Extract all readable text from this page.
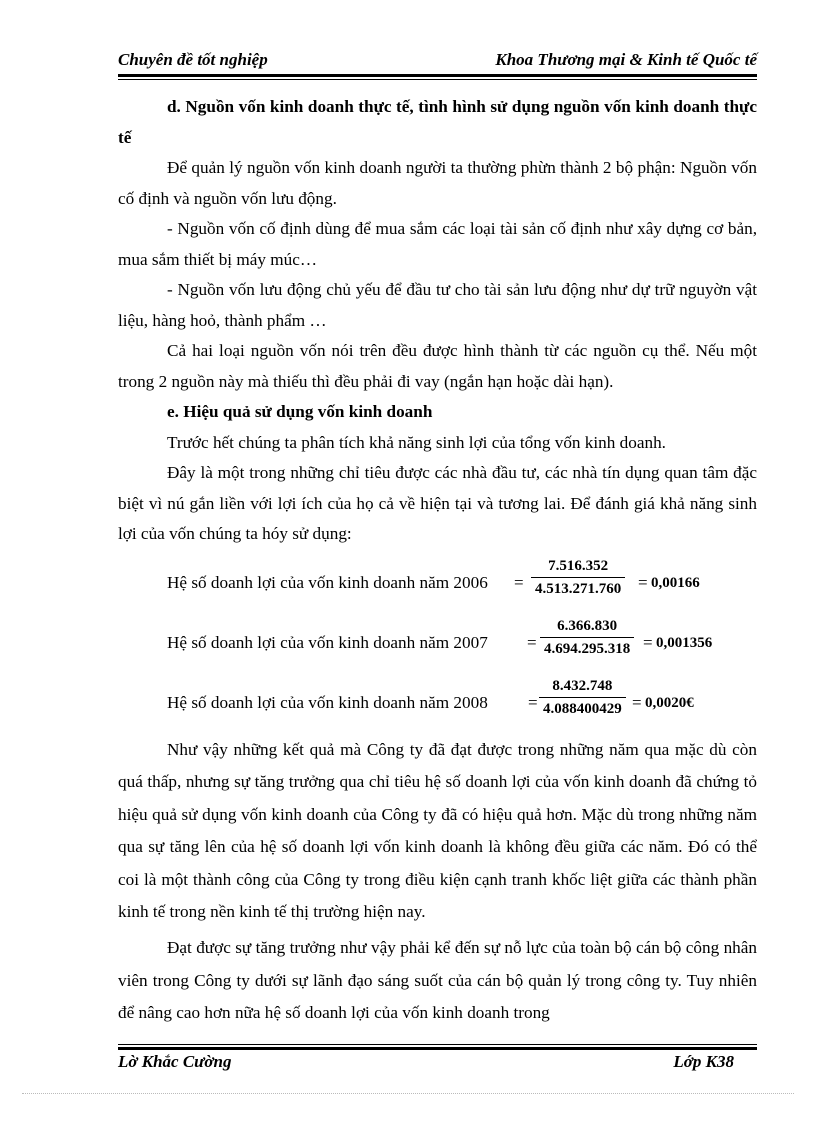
Chuyên đề tốt nghiệp	Khoa Thương mại & Kinh tế Quốc tế

d. Nguồn vốn kinh doanh thực tế, tình hình sử dụng nguồn vốn kinh doanh thực tế

Để quản lý nguồn vốn kinh doanh người ta thường phừn thành 2 bộ phận: Nguồn vốn cố định và nguồn vốn lưu động.

- Nguồn vốn cố định dùng để mua sắm các loại tài sản cố định như xây dựng cơ bản, mua sắm thiết bị máy múc…

- Nguồn vốn lưu động chủ yếu để đầu tư cho tài sản lưu động như dự trữ nguyờn vật liệu, hàng hoỏ, thành phẩm …

Cả hai loại nguồn vốn nói trên đều được hình thành từ các nguồn cụ thể. Nếu một trong 2 nguồn này mà thiếu thì đều phải đi vay (ngắn hạn hoặc dài hạn).

e. Hiệu quả sử dụng vốn kinh doanh

Trước hết chúng ta phân tích khả năng sinh lợi của tổng vốn kinh doanh.

Đây là một trong những chỉ tiêu được các nhà đầu tư, các nhà tín dụng quan tâm đặc biệt vì nú gắn liền với lợi ích của họ cả về hiện tại và tương lai. Để đánh giá khả năng sinh lợi của vốn chúng ta hóy sử dụng:

Hệ số doanh lợi của vốn kinh doanh năm 2006 =
7.516.352
4.513.271.760 = 0,00166
Hệ số doanh lợi của vốn kinh doanh năm 2007 =
6.366.830
4.694.295.318 = 0,001356
Hệ số doanh lợi của vốn kinh doanh năm 2008 =
8.432.748
4.088400429 = 0,0020€

Như vậy những kết quả mà Công ty đã đạt được trong những năm qua mặc dù còn quá thấp, nhưng sự tăng trưởng qua chỉ tiêu hệ số doanh lợi của vốn kinh doanh đã chứng tỏ hiệu quả sử dụng vốn kinh doanh của Công ty đã có hiệu quả hơn. Mặc dù trong những năm qua sự tăng lên của hệ số doanh lợi vốn kinh doanh là không đều giữa các năm. Đó có thể coi là một thành công của Công ty trong điều kiện cạnh tranh khốc liệt giữa các thành phần kinh tế trong nền kinh tế thị trường hiện nay.

Đạt được sự tăng trưởng như vậy phải kể đến sự nỗ lực của toàn bộ cán bộ công nhân viên trong Công ty dưới sự lãnh đạo sáng suốt của cán bộ quản lý trong công ty. Tuy nhiên để nâng cao hơn nữa hệ số doanh lợi của vốn kinh doanh trong

Lờ Khắc Cường	Lớp K38
